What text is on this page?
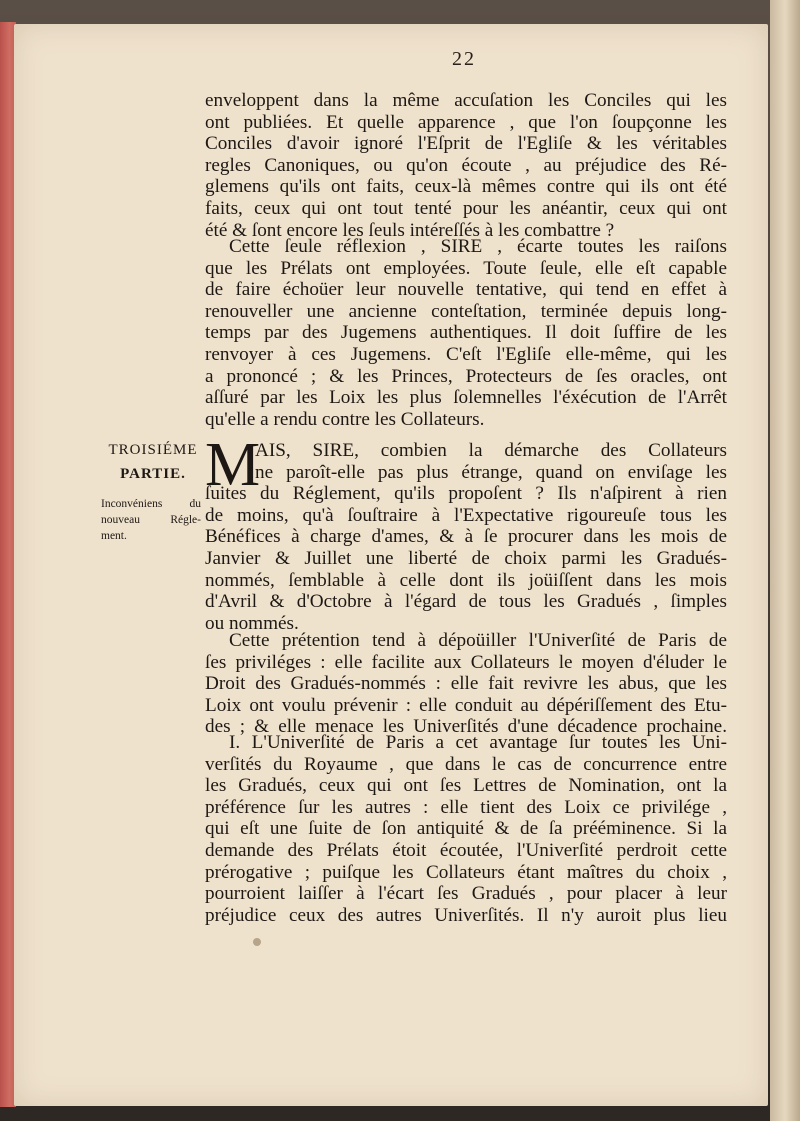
22
enveloppent dans la même accuſation les Conciles qui les
ont publiées. Et quelle apparence , que l'on ſoupçonne les
Conciles d'avoir ignoré l'Eſprit de l'Egliſe & les véritables
regles Canoniques, ou qu'on écoute , au préjudice des Ré-
glemens qu'ils ont faits, ceux-là mêmes contre qui ils ont été
faits, ceux qui ont tout tenté pour les anéantir, ceux qui ont
été & ſont encore les ſeuls intéreſſés à les combattre ?
Cette ſeule réflexion , SIRE , écarte toutes les raiſons
que les Prélats ont employées. Toute ſeule, elle eſt capable
de faire échoüer leur nouvelle tentative, qui tend en effet à
renouveller une ancienne conteſtation, terminée depuis long-
temps par des Jugemens authentiques. Il doit ſuffire de les
renvoyer à ces Jugemens. C'eſt l'Egliſe elle-même, qui les
a prononcé ; & les Princes, Protecteurs de ſes oracles, ont
aſſuré par les Loix les plus ſolemnelles l'éxécution de l'Arrêt
qu'elle a rendu contre les Collateurs.
TROISIÉME
PARTIE.
Inconvéniens du
nouveau Régle-
ment.
M
AIS, SIRE, combien la démarche des Collateurs
ne paroît-elle pas plus étrange, quand on enviſage les
ſuites du Réglement, qu'ils propoſent ? Ils n'aſpirent à rien
de moins, qu'à ſouſtraire à l'Expectative rigoureuſe tous les
Bénéfices à charge d'ames, & à ſe procurer dans les mois de
Janvier & Juillet une liberté de choix parmi les Gradués-
nommés, ſemblable à celle dont ils joüiſſent dans les mois
d'Avril & d'Octobre à l'égard de tous les Gradués , ſimples
ou nommés.
Cette prétention tend à dépoüiller l'Univerſité de Paris de
ſes priviléges : elle facilite aux Collateurs le moyen d'éluder le
Droit des Gradués-nommés : elle fait revivre les abus, que les
Loix ont voulu prévenir : elle conduit au dépériſſement des Etu-
des ; & elle menace les Univerſités d'une décadence prochaine.
I. L'Univerſité de Paris a cet avantage ſur toutes les Uni-
verſités du Royaume , que dans le cas de concurrence entre
les Gradués, ceux qui ont ſes Lettres de Nomination, ont la
préférence ſur les autres : elle tient des Loix ce privilége ,
qui eſt une ſuite de ſon antiquité & de ſa prééminence. Si la
demande des Prélats étoit écoutée, l'Univerſité perdroit cette
prérogative ; puiſque les Collateurs étant maîtres du choix ,
pourroient laiſſer à l'écart ſes Gradués , pour placer à leur
préjudice ceux des autres Univerſités. Il n'y auroit plus lieu
